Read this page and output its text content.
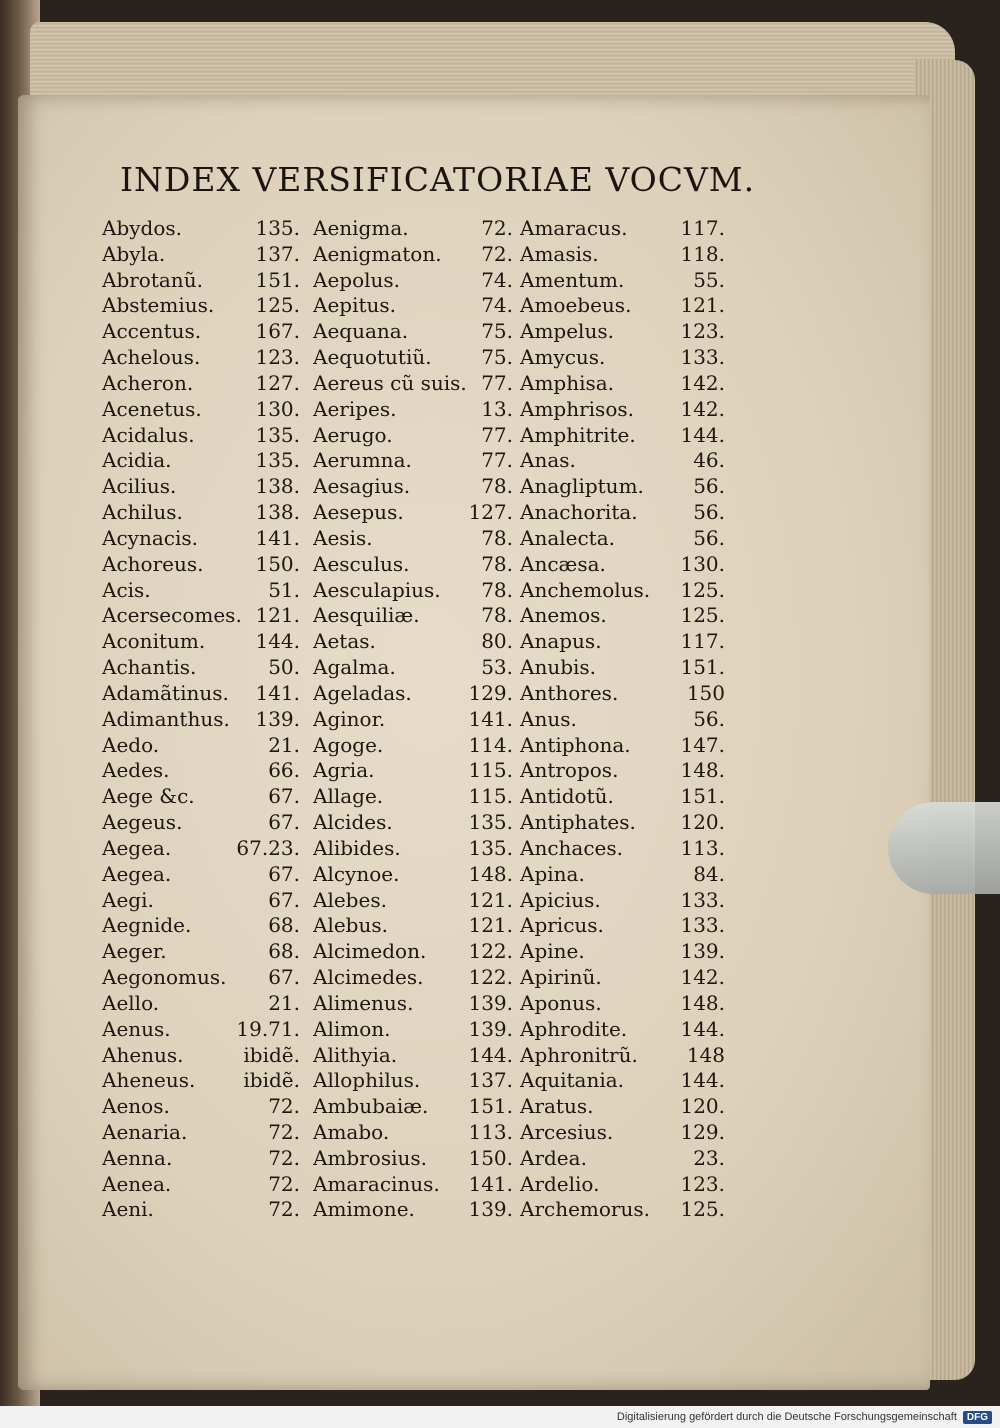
INDEX VERSIFICATORIAE VOCVM.
Abydos.	135.
Abyla.	137.
Abrotanũ.	151.
Abstemius. 125.
Accentus.	167.
Achelous.	123.
Acheron.	127.
Acenetus.	130.
Acidalus.	135.
Acidia.	135.
Acilius.	138.
Achilus.	138.
Acynacis.	141.
Achoreus.	150.
Acis.	51.
Acersecomes. 121.
Aconitum.	144.
Achantis.	50.
Adamãtinus. 141.
Adimanthus. 139.
Aedo.	21.
Aedes.	66.
Aege &c.	67.
Aegeus.	67.
Aegea.	67.23.
Aegea.	67.
Aegi.	67.
Aegnide.	68.
Aeger.	68.
Aegonomus. 67.
Aello.	21.
Aenus.	19.71.
Ahenus.	ibidẽ.
Aheneus. ibidẽ.
Aenos.	72.
Aenaria.	72.
Aenna.	72.
Aenea.	72.
Aeni.	72.
Aenigma.	72.
Aenigmaton. 72.
Aepolus.	74.
Aepitus.	74.
Aequana.	75.
Aequotutiũ. 75.
Aereus cũ suis. 77.
Aeripes.	13.
Aerugo.	77.
Aerumna.	77.
Aesagius.	78.
Aesepus.	127.
Aesis.	78.
Aesculus.	78.
Aesculapius. 78.
Aesquiliæ.	78.
Aetas.	80.
Agalma.	53.
Ageladas.	129.
Aginor.	141.
Agoge.	114.
Agria.	115.
Allage.	115.
Alcides.	135.
Alibides.	135.
Alcynoe.	148.
Alebes.	121.
Alebus.	121.
Alcimedon. 122.
Alcimedes. 122.
Alimenus.	139.
Alimon.	139.
Alithyia.	144.
Allophilus. 137.
Ambubaiæ. 151.
Amabo.	113.
Ambrosius. 150.
Amaracinus. 141.
Amimone.	139.
Amaracus.	117.
Amasis.	118.
Amentum.	55.
Amoebeus. 121.
Ampelus.	123.
Amycus.	133.
Amphisa.	142.
Amphrisos. 142.
Amphitrite. 144.
Anas.	46.
Anagliptum. 56.
Anachorita.	56.
Analecta.	56.
Ancæsa.	130.
Anchemolus. 125.
Anemos.	125.
Anapus.	117.
Anubis.	151.
Anthores.	150
Anus.	56.
Antiphona. 147.
Antropos.	148.
Antidotũ.	151.
Antiphates. 120.
Anchaces.	113.
Apina.	84.
Apicius.	133.
Apricus.	133.
Apine.	139.
Apirinũ.	142.
Aponus.	148.
Aphrodite.	144.
Aphronitrũ. 148
Aquitania.	144.
Aratus.	120.
Arcesius.	129.
Ardea.	23.
Ardelio.	123.
Archemorus. 125.
Digitalisierung gefördert durch die Deutsche Forschungsgemeinschaft	DFG
